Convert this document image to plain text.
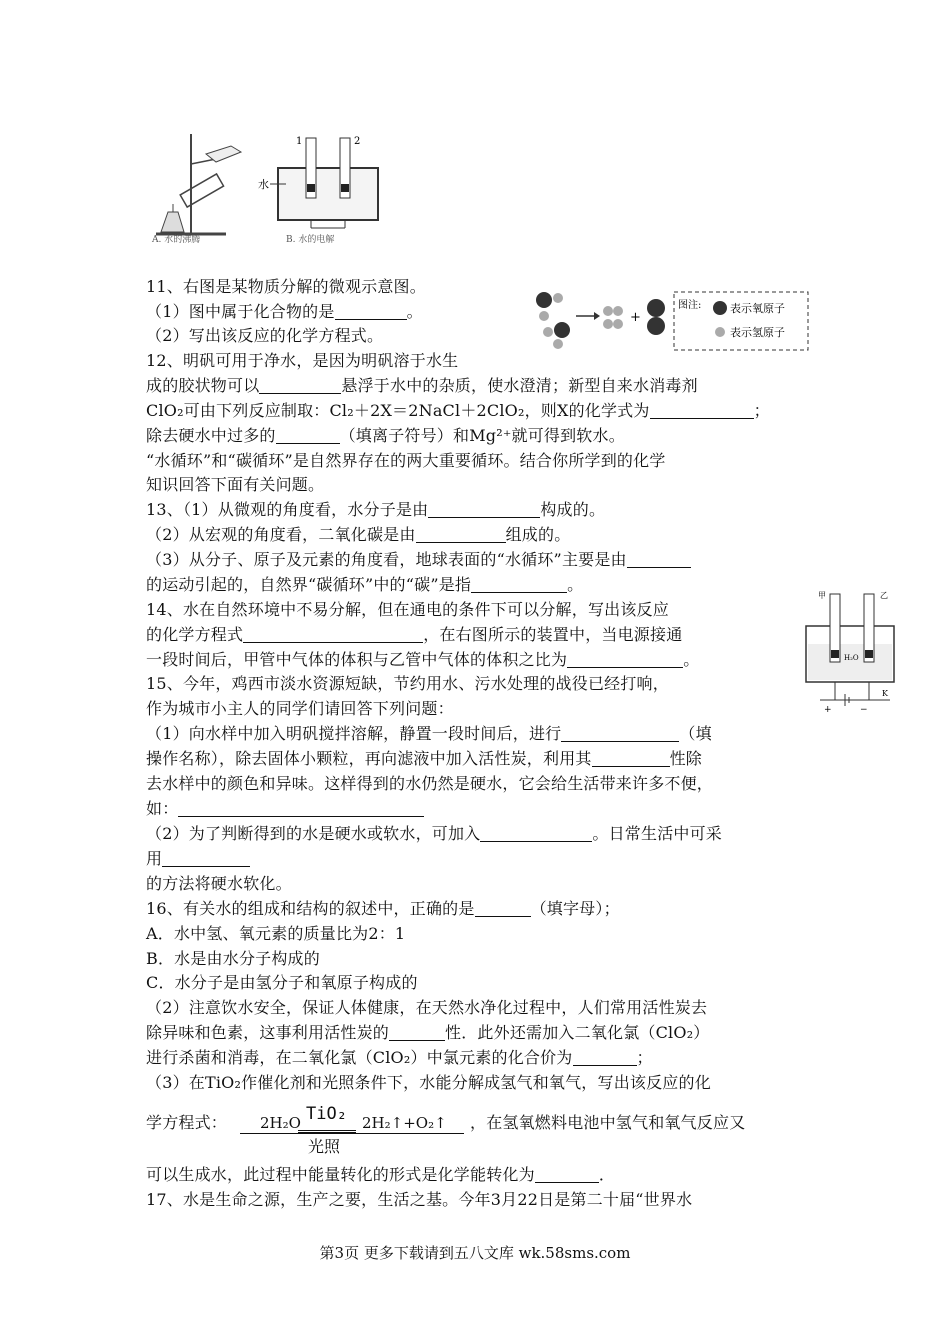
A. 水的沸腾
1	2
水
B. 水的电解
+
图注:	表示氧原子
表示氢原子
甲	乙
H₂O
+	−
K
11、右图是某物质分解的微观示意图。
（1）图中属于化合物的是	。
（2）写出该反应的化学方程式。
12、明矾可用于净水，是因为明矾溶于水生
成的胶状物可以	悬浮于水中的杂质，使水澄清；新型自来水消毒剂
ClO₂可由下列反应制取：Cl₂＋2X＝2NaCl＋2ClO₂，则X的化学式为	；
除去硬水中过多的	（填离子符号）和Mg²⁺就可得到软水。
“水循环”和“碳循环”是自然界存在的两大重要循环。结合你所学到的化学
知识回答下面有关问题。
13、（1）从微观的角度看，水分子是由	构成的。
（2）从宏观的角度看，二氧化碳是由	组成的。
（3）从分子、原子及元素的角度看，地球表面的“水循环”主要是由
的运动引起的，自然界“碳循环”中的“碳”是指	。
14、水在自然环境中不易分解，但在通电的条件下可以分解，写出该反应
的化学方程式	，在右图所示的装置中，当电源接通
一段时间后，甲管中气体的体积与乙管中气体的体积之比为	。
15、今年，鸡西市淡水资源短缺，节约用水、污水处理的战役已经打响，
作为城市小主人的同学们请回答下列问题：
（1）向水样中加入明矾搅拌溶解，静置一段时间后，进行	（填
操作名称），除去固体小颗粒，再向滤液中加入活性炭，利用其	性除
去水样中的颜色和异味。这样得到的水仍然是硬水，它会给生活带来许多不便，
如：
（2）为了判断得到的水是硬水或软水，可加入	。日常生活中可采
用
的方法将硬水软化。
16、有关水的组成和结构的叙述中，正确的是	（填字母）；
A．水中氢、氧元素的质量比为2：1
B．水是由水分子构成的
C．水分子是由氢分子和氧原子构成的
（2）注意饮水安全，保证人体健康，在天然水净化过程中，人们常用活性炭去
除异味和色素，这事利用活性炭的	性．此外还需加入二氧化氯（ClO₂）
进行杀菌和消毒，在二氧化氯（ClO₂）中氯元素的化合价为	；
（3）在TiO₂作催化剂和光照条件下，水能分解成氢气和氧气，写出该反应的化
学方程式： 2H₂O TiO₂
光照
2H₂↑+O₂↑ ，在氢氧燃料电池中氢气和氧气反应又
可以生成水，此过程中能量转化的形式是化学能转化为	．
17、水是生命之源，生产之要，生活之基。今年3月22日是第二十届“世界水
第3页 更多下载请到五八文库 wk.58sms.com
